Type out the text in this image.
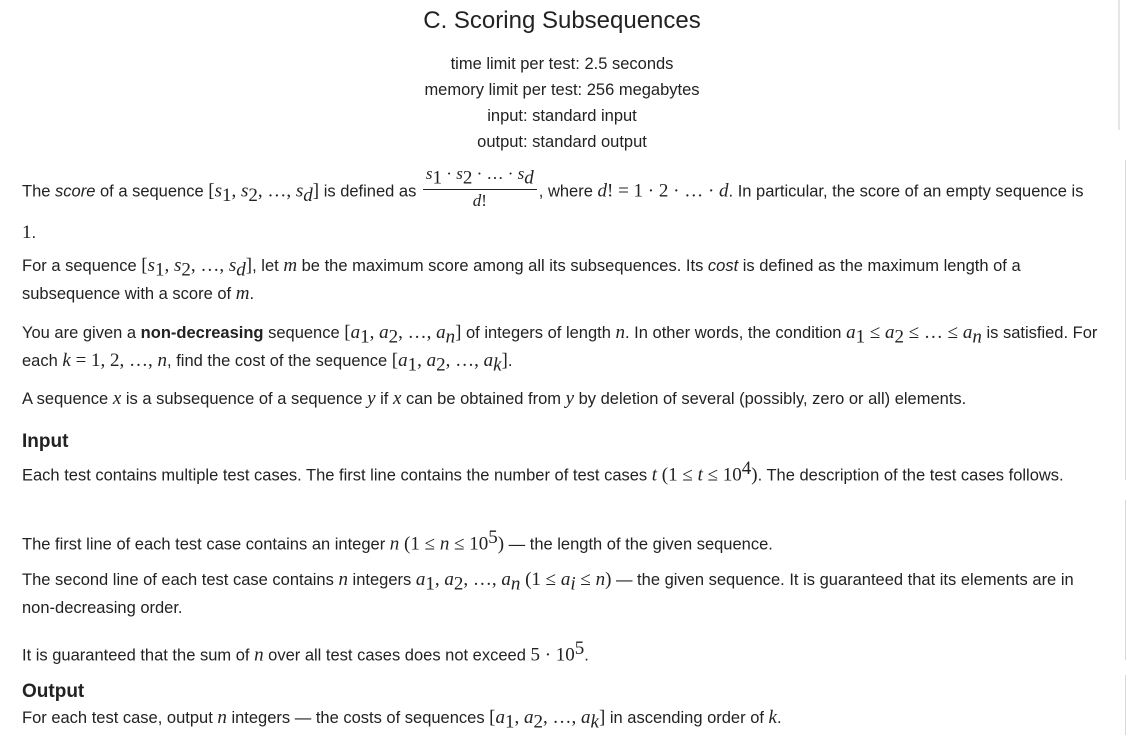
C. Scoring Subsequences
time limit per test: 2.5 seconds
memory limit per test: 256 megabytes
input: standard input
output: standard output
The score of a sequence [$s_1$, $s_2$, …, $s_d$] is defined as $\frac{s_1 \cdot s_2 \cdot \dots \cdot s_d}{d!}$ , where d! = 1 · 2 · … · d. In particular, the score of an empty sequence is 1.
For a sequence [$s_1$, $s_2$, …, $s_d$], let m be the maximum score among all its subsequences. Its cost is defined as the maximum length of a subsequence with a score of m.
You are given a non-decreasing sequence [$a_1$, $a_2$, …, $a_n$] of integers of length n. In other words, the condition $a_1 \le a_2$ ≤ … ≤ $a_n$ is satisfied. For each k = 1, 2, …, n, find the cost of the sequence [$a_1$, $a_2$, …, $a_k$].
A sequence x is a subsequence of a sequence y if x can be obtained from y by deletion of several (possibly, zero or all) elements.
Input
Each test contains multiple test cases. The first line contains the number of test cases t $(1 \le t \le 10^4)$. The description of the test cases follows.
The first line of each test case contains an integer n $(1 \le n \le 10^5)$ — the length of the given sequence.
The second line of each test case contains n integers $a_1$, $a_2$, …, $a_n$ $(1 \le a_i \le n)$ — the given sequence. It is guaranteed that its elements are in non-decreasing order.
It is guaranteed that the sum of n over all test cases does not exceed $5 \cdot 10^5$.
Output
For each test case, output n integers — the costs of sequences [$a_1$, $a_2$, …, $a_k$] in ascending order of k.
